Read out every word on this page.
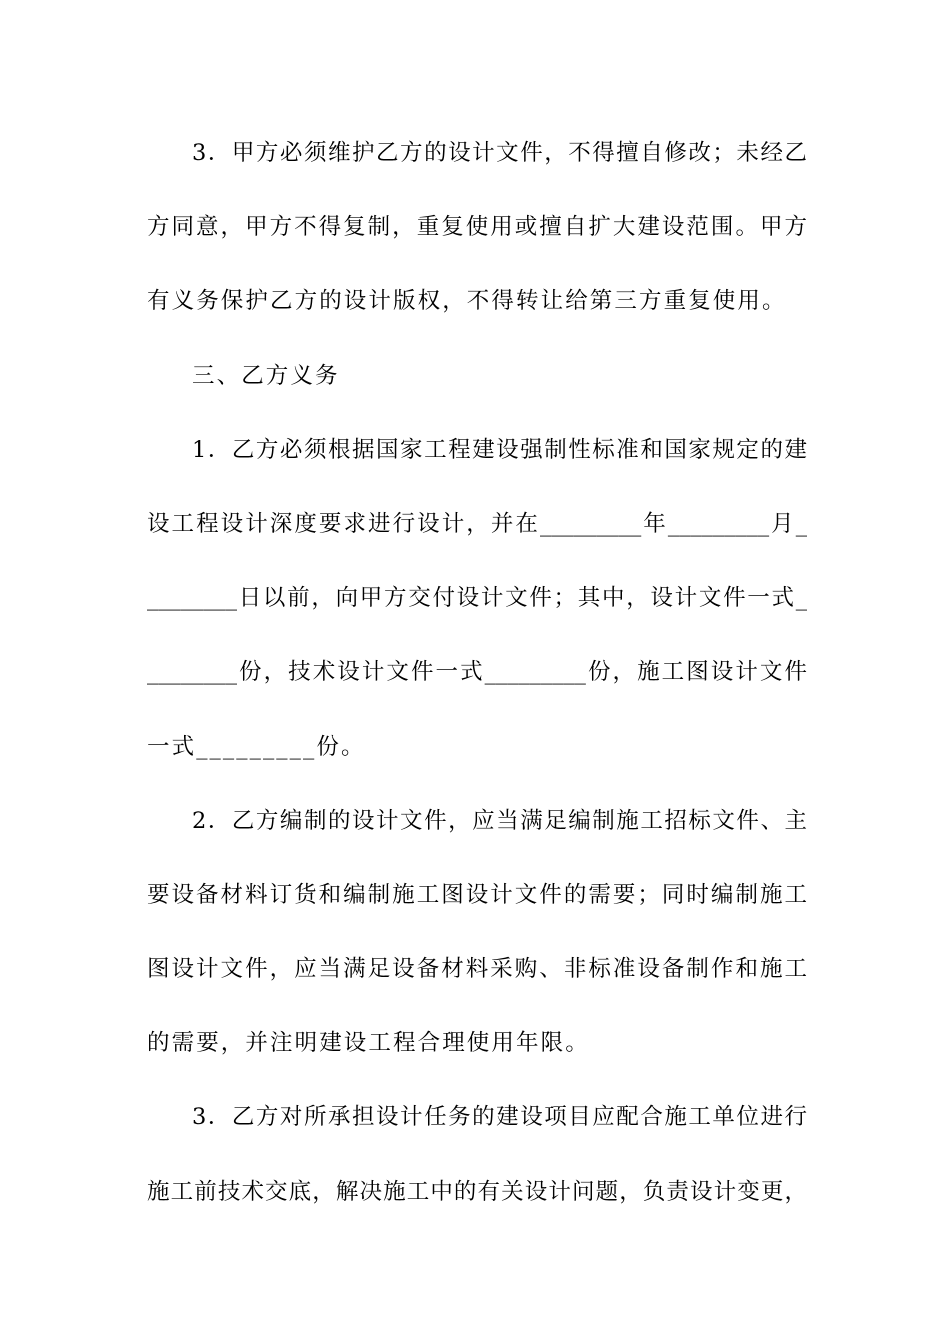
3．甲方必须维护乙方的设计文件，不得擅自修改；未经乙
方同意，甲方不得复制，重复使用或擅自扩大建设范围。甲方
有义务保护乙方的设计版权，不得转让给第三方重复使用。
三、乙方义务
1．乙方必须根据国家工程建设强制性标准和国家规定的建
设工程设计深度要求进行设计，并在_________年_________月_
________日以前，向甲方交付设计文件；其中，设计文件一式_
________份，技术设计文件一式_________份，施工图设计文件
一式_________份。
2．乙方编制的设计文件，应当满足编制施工招标文件、主
要设备材料订货和编制施工图设计文件的需要；同时编制施工
图设计文件，应当满足设备材料采购、非标准设备制作和施工
的需要，并注明建设工程合理使用年限。
3．乙方对所承担设计任务的建设项目应配合施工单位进行
施工前技术交底，解决施工中的有关设计问题，负责设计变更，
